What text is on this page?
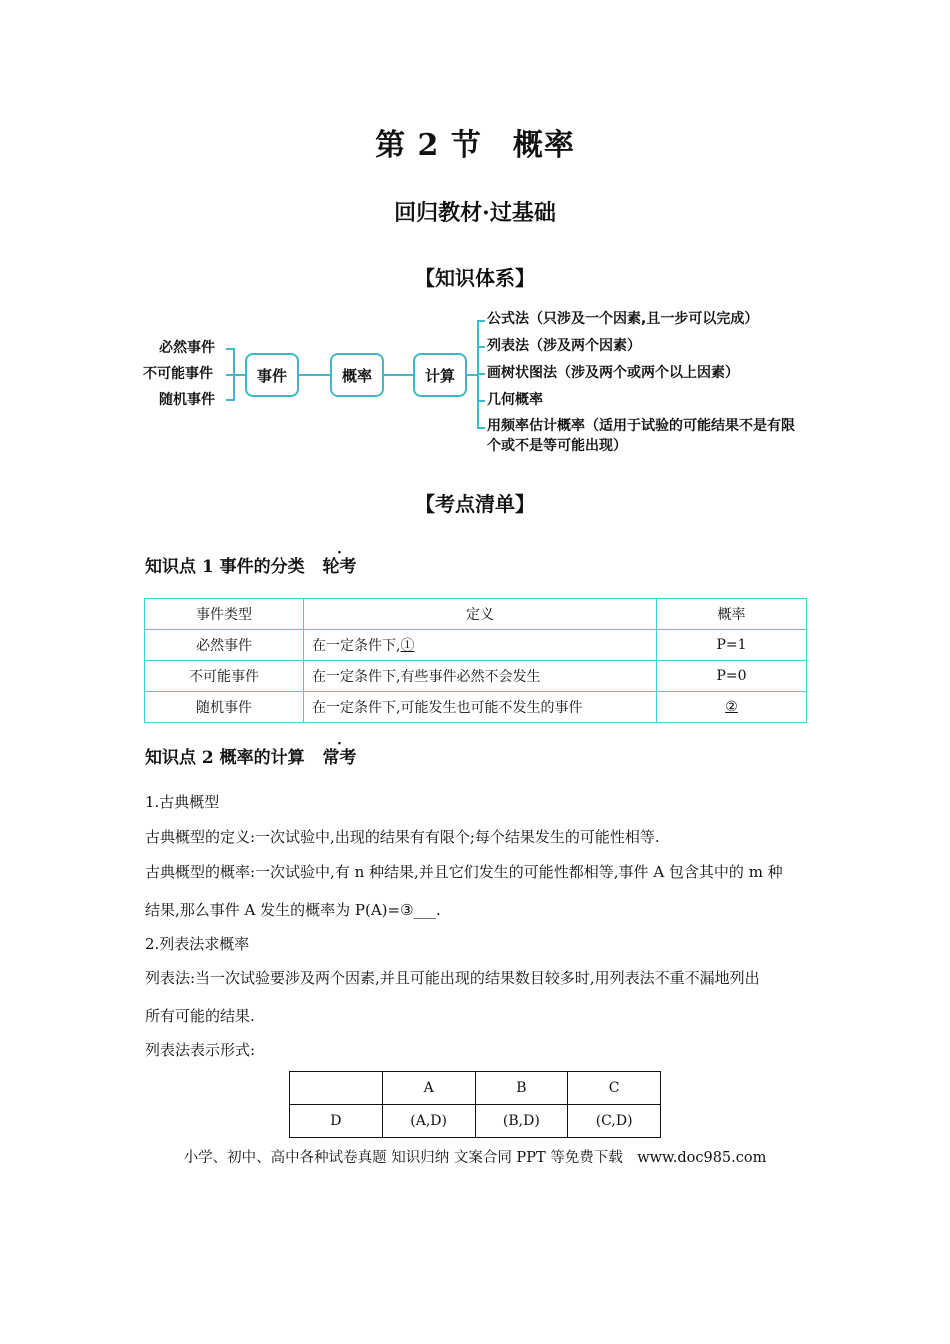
第 2 节　概率
回归教材·过基础
【知识体系】
必然事件
不可能事件
随机事件
事件	概率	计算
公式法（只涉及一个因素,且一步可以完成）
列表法（涉及两个因素）
画树状图法（涉及两个或两个以上因素）
几何概率
用频率估计概率（适用于试验的可能结果不是有限
个或不是等可能出现）
【考点清单】
知识点 1 事件的分类 轮考
事件类型	定义	概率
必然事件	在一定条件下,①	P=1
不可能事件	在一定条件下,有些事件必然不会发生	P=0
随机事件	在一定条件下,可能发生也可能不发生的事件	②
知识点 2 概率的计算 常考
1.古典概型
古典概型的定义:一次试验中,出现的结果有有限个;每个结果发生的可能性相等.
古典概型的概率:一次试验中,有 n 种结果,并且它们发生的可能性都相等,事件 A 包含其中的 m 种
结果,那么事件 A 发生的概率为 P(A)=③___.
2.列表法求概率
列表法:当一次试验要涉及两个因素,并且可能出现的结果数目较多时,用列表法不重不漏地列出
所有可能的结果.
列表法表示形式:
	A	B	C
D	(A,D)	(B,D)	(C,D)
小学、初中、高中各种试卷真题 知识归纳 文案合同 PPT 等免费下载　www.doc985.com
